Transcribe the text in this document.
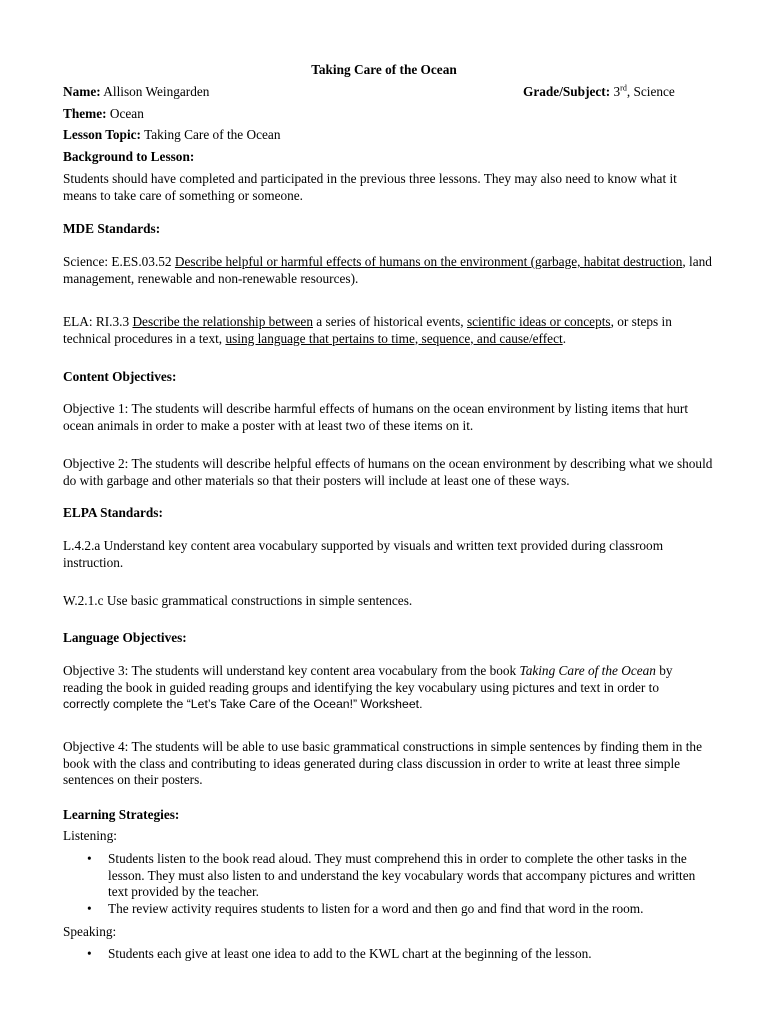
Taking Care of the Ocean
Name: Allison Weingarden	Grade/Subject: 3rd, Science
Theme: Ocean
Lesson Topic: Taking Care of the Ocean
Background to Lesson:
Students should have completed and participated in the previous three lessons. They may also need to know what it means to take care of something or someone.
MDE Standards:
Science: E.ES.03.52 Describe helpful or harmful effects of humans on the environment (garbage, habitat destruction, land management, renewable and non-renewable resources).
ELA: RI.3.3 Describe the relationship between a series of historical events, scientific ideas or concepts, or steps in technical procedures in a text, using language that pertains to time, sequence, and cause/effect.
Content Objectives:
Objective 1: The students will describe harmful effects of humans on the ocean environment by listing items that hurt ocean animals in order to make a poster with at least two of these items on it.
Objective 2: The students will describe helpful effects of humans on the ocean environment by describing what we should do with garbage and other materials so that their posters will include at least one of these ways.
ELPA Standards:
L.4.2.a Understand key content area vocabulary supported by visuals and written text provided during classroom instruction.
W.2.1.c Use basic grammatical constructions in simple sentences.
Language Objectives:
Objective 3: The students will understand key content area vocabulary from the book Taking Care of the Ocean by reading the book in guided reading groups and identifying the key vocabulary using pictures and text in order to
correctly complete the “Let’s Take Care of the Ocean!” Worksheet.
Objective 4: The students will be able to use basic grammatical constructions in simple sentences by finding them in the book with the class and contributing to ideas generated during class discussion in order to write at least three simple sentences on their posters.
Learning Strategies:
Listening:
• Students listen to the book read aloud. They must comprehend this in order to complete the other tasks in the lesson. They must also listen to and understand the key vocabulary words that accompany pictures and written text provided by the teacher.
• The review activity requires students to listen for a word and then go and find that word in the room.
Speaking:
• Students each give at least one idea to add to the KWL chart at the beginning of the lesson.
